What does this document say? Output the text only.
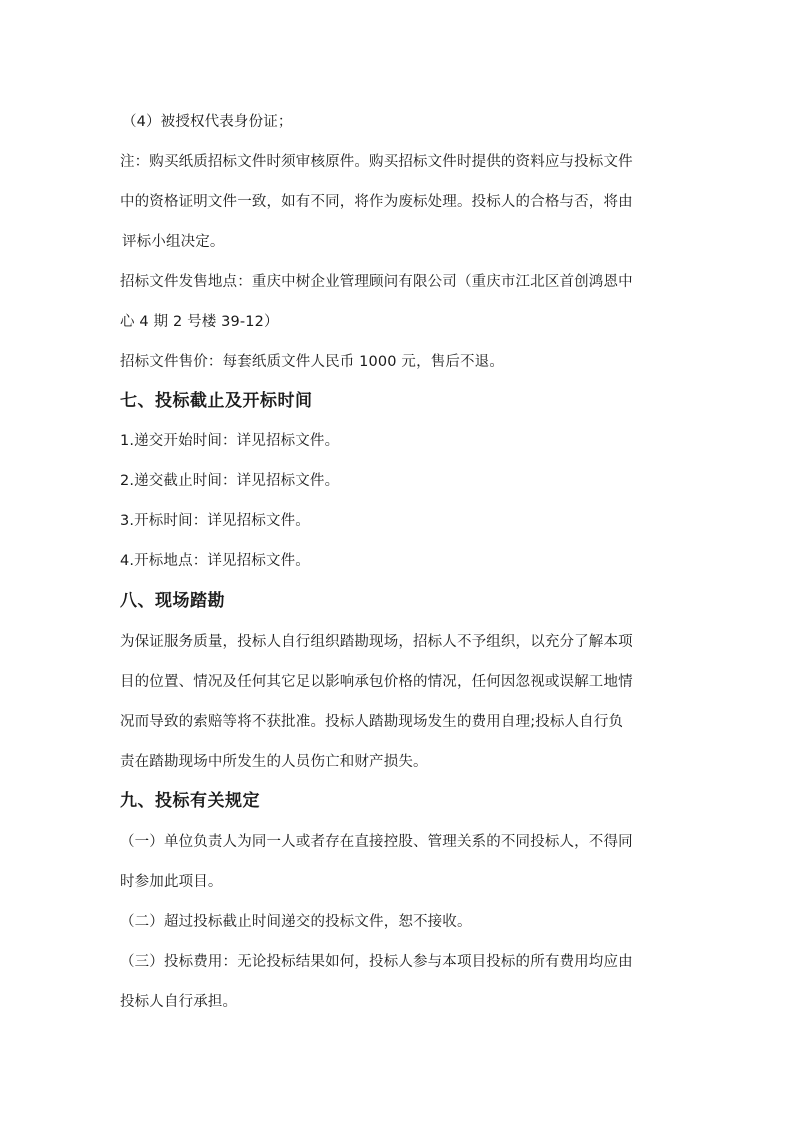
（4）被授权代表身份证；
注：购买纸质招标文件时须审核原件。购买招标文件时提供的资料应与投标文件
中的资格证明文件一致，如有不同，将作为废标处理。投标人的合格与否，将由
评标小组决定。
招标文件发售地点：重庆中树企业管理顾问有限公司（重庆市江北区首创鸿恩中
心 4 期 2 号楼 39-12）
招标文件售价：每套纸质文件人民币 1000 元，售后不退。
七、投标截止及开标时间
1.递交开始时间：详见招标文件。
2.递交截止时间：详见招标文件。
3.开标时间：详见招标文件。
4.开标地点：详见招标文件。
八、现场踏勘
为保证服务质量，投标人自行组织踏勘现场，招标人不予组织，以充分了解本项
目的位置、情况及任何其它足以影响承包价格的情况，任何因忽视或误解工地情
况而导致的索赔等将不获批准。投标人踏勘现场发生的费用自理;投标人自行负
责在踏勘现场中所发生的人员伤亡和财产损失。
九、投标有关规定
（一）单位负责人为同一人或者存在直接控股、管理关系的不同投标人，不得同
时参加此项目。
（二）超过投标截止时间递交的投标文件，恕不接收。
（三）投标费用：无论投标结果如何，投标人参与本项目投标的所有费用均应由
投标人自行承担。
